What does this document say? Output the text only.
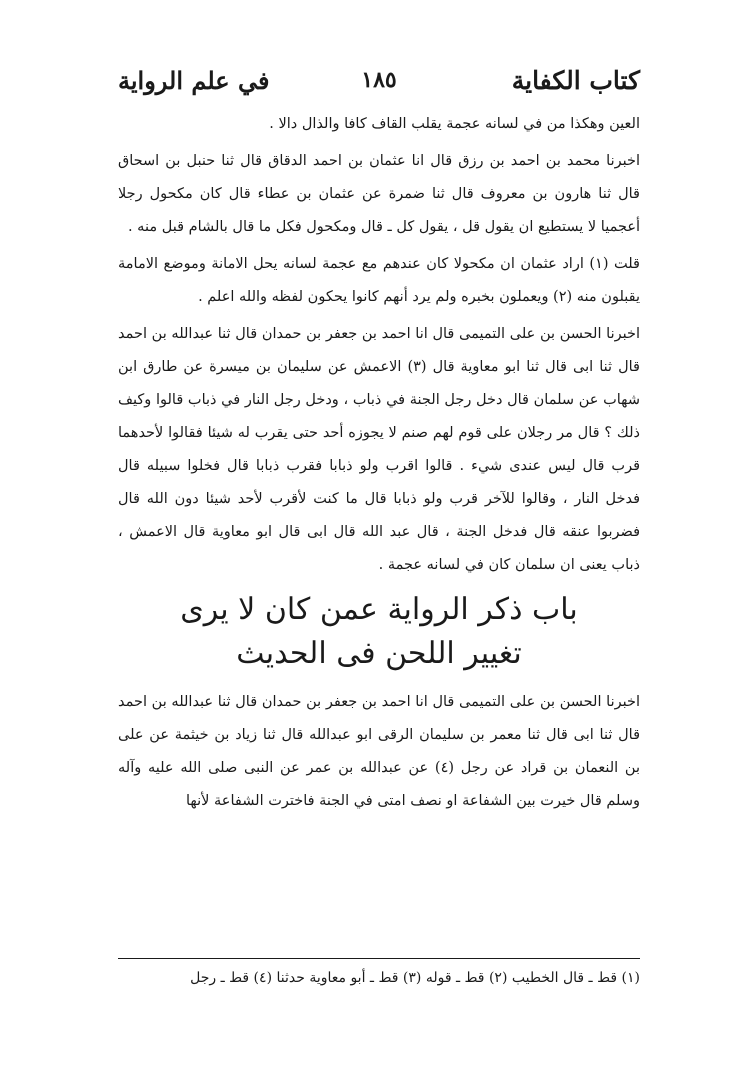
كتاب الكفاية
١٨٥
في علم الرواية

العين وهكذا من في لسانه عجمة يقلب القاف كافا والذال دالا .

اخبرنا محمد بن احمد بن رزق قال انا عثمان بن احمد الدقاق قال ثنا حنبل بن اسحاق قال ثنا هارون بن معروف قال ثنا ضمرة عن عثمان بن عطاء قال كان مكحول رجلا أعجميا لا يستطيع ان يقول قل ، يقول كل ـ قال ومكحول فكل ما قال بالشام قبل منه .

قلت (١) اراد عثمان ان مكحولا كان عندهم مع عجمة لسانه يحل الامانة وموضع الامامة يقبلون منه (٢) ويعملون بخبره ولم يرد أنهم كانوا يحكون لفظه والله اعلم .

اخبرنا الحسن بن على التميمى قال انا احمد بن جعفر بن حمدان قال ثنا عبدالله بن احمد قال ثنا ابى قال ثنا ابو معاوية قال (٣) الاعمش عن سليمان بن ميسرة عن طارق ابن شهاب عن سلمان قال دخل رجل الجنة في ذباب ، ودخل رجل النار في ذباب قالوا وكيف ذلك ؟ قال مر رجلان على قوم لهم صنم لا يجوزه أحد حتى يقرب له شيئا فقالوا لأحدهما قرب قال ليس عندى شيء . قالوا اقرب ولو ذبابا فقرب ذبابا قال فخلوا سبيله قال فدخل النار ، وقالوا للآخر قرب ولو ذبابا قال ما كنت لأقرب لأحد شيئا دون الله قال فضربوا عنقه قال فدخل الجنة ، قال عبد الله قال ابى قال ابو معاوية قال الاعمش ، ذباب يعنى ان سلمان كان في لسانه عجمة .

باب ذكر الرواية عمن كان لا يرى
تغيير اللحن فى الحديث

اخبرنا الحسن بن على التميمى قال انا احمد بن جعفر بن حمدان قال ثنا عبدالله بن احمد قال ثنا ابى قال ثنا معمر بن سليمان الرقى ابو عبدالله قال ثنا زياد بن خيثمة عن على بن النعمان بن قراد عن رجل (٤) عن عبدالله بن عمر عن النبى صلى الله عليه وآله وسلم قال خيرت بين الشفاعة او نصف امتى في الجنة فاخترت الشفاعة لأنها

(١) قط ـ قال الخطيب (٢) قط ـ قوله (٣) قط ـ أبو معاوية حدثنا (٤) قط ـ رجل
